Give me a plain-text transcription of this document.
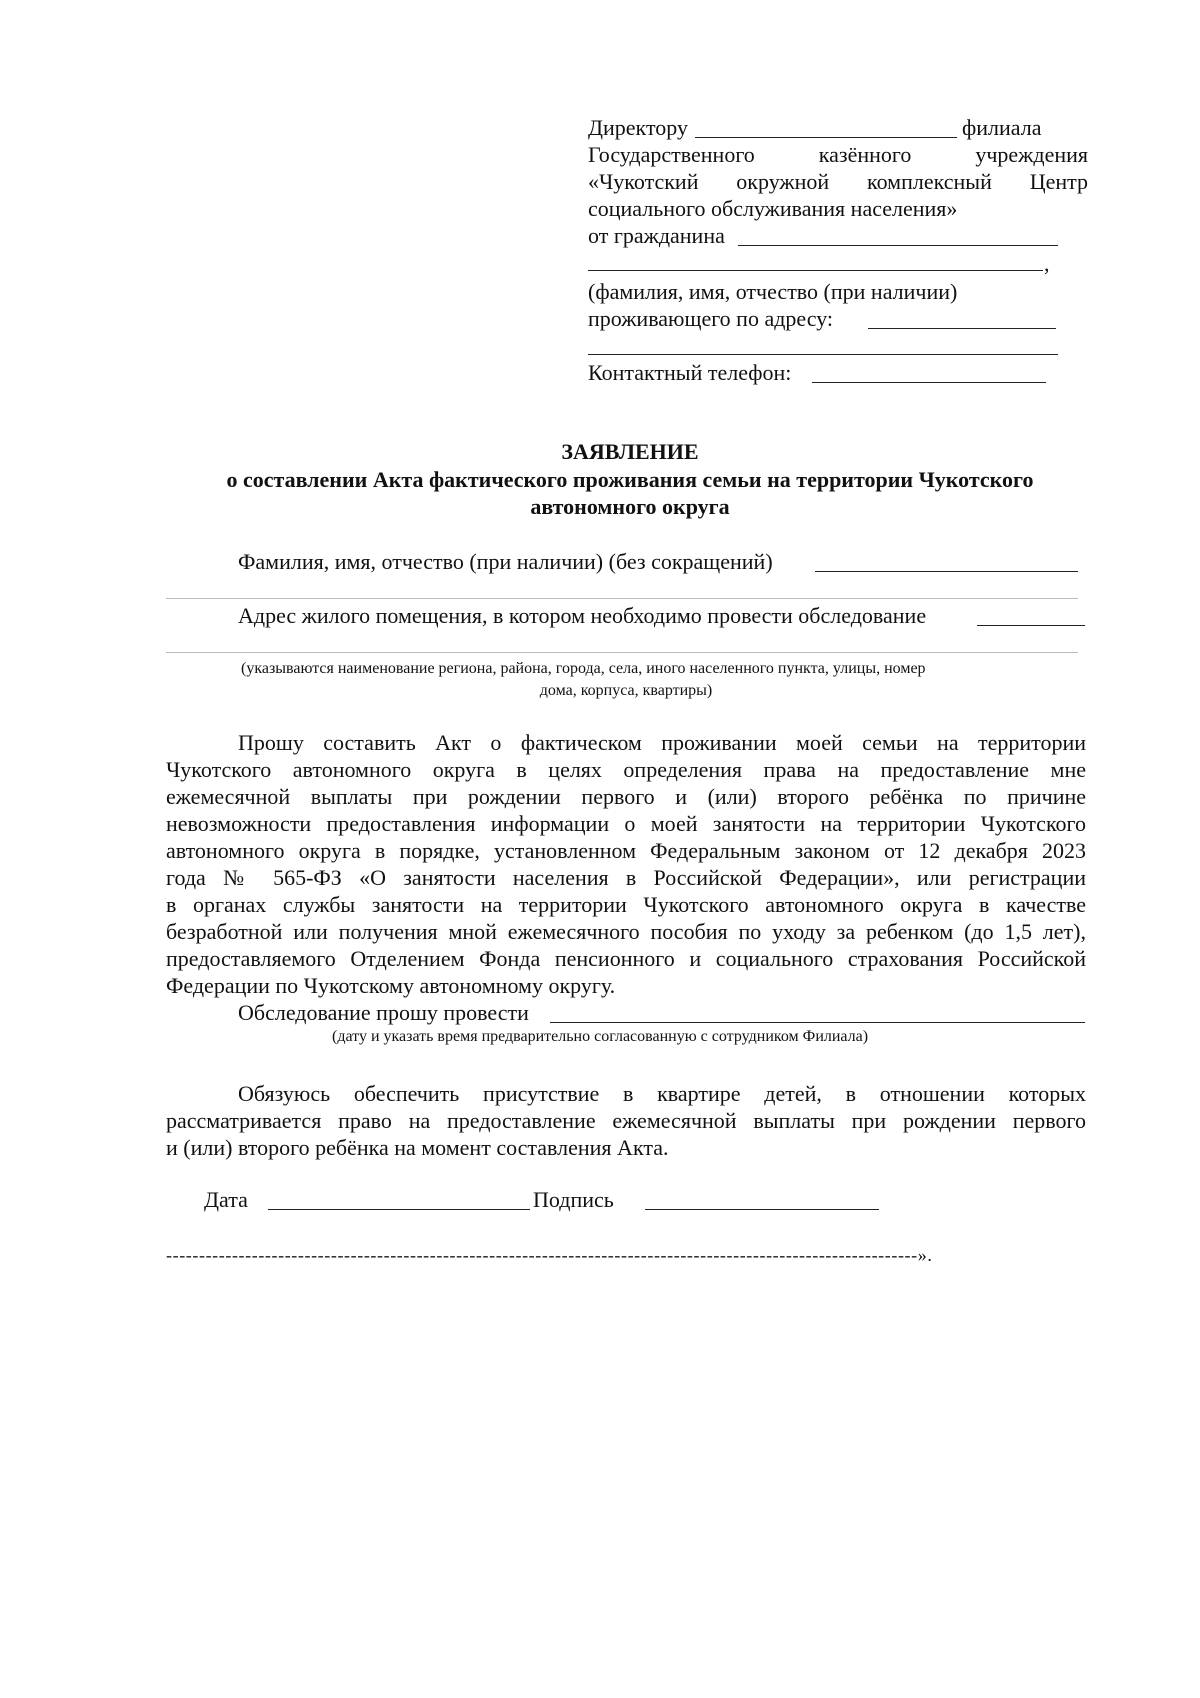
Директору	филиала
Государственного казённого учреждения
«Чукотский окружной комплексный Центр
социального обслуживания населения»
от гражданина
,
(фамилия, имя, отчество (при наличии)
проживающего по адресу:
Контактный телефон:
ЗАЯВЛЕНИЕ
о составлении Акта фактического проживания семьи на территории Чукотского
автономного округа
Фамилия, имя, отчество (при наличии) (без сокращений)
Адрес жилого помещения, в котором необходимо провести обследование
(указываются наименование региона, района, города, села, иного населенного пункта, улицы, номер
дома, корпуса, квартиры)
Прошу составить Акт о фактическом проживании моей семьи на территории
Чукотского автономного округа в целях определения права на предоставление мне
ежемесячной выплаты при рождении первого и (или) второго ребёнка по причине
невозможности предоставления информации о моей занятости на территории Чукотского
автономного округа в порядке, установленном Федеральным законом от 12 декабря 2023
года № 565-ФЗ «О занятости населения в Российской Федерации», или регистрации
в органах службы занятости на территории Чукотского автономного округа в качестве
безработной или получения мной ежемесячного пособия по уходу за ребенком (до 1,5 лет),
предоставляемого Отделением Фонда пенсионного и социального страхования Российской
Федерации по Чукотскому автономному округу.
Обследование прошу провести
(дату и указать время предварительно согласованную с сотрудником Филиала)
Обязуюсь обеспечить присутствие в квартире детей, в отношении которых
рассматривается право на предоставление ежемесячной выплаты при рождении первого
и (или) второго ребёнка на момент составления Акта.
Дата	Подпись
------------------------------------------------------------------------------------------------------------------».
